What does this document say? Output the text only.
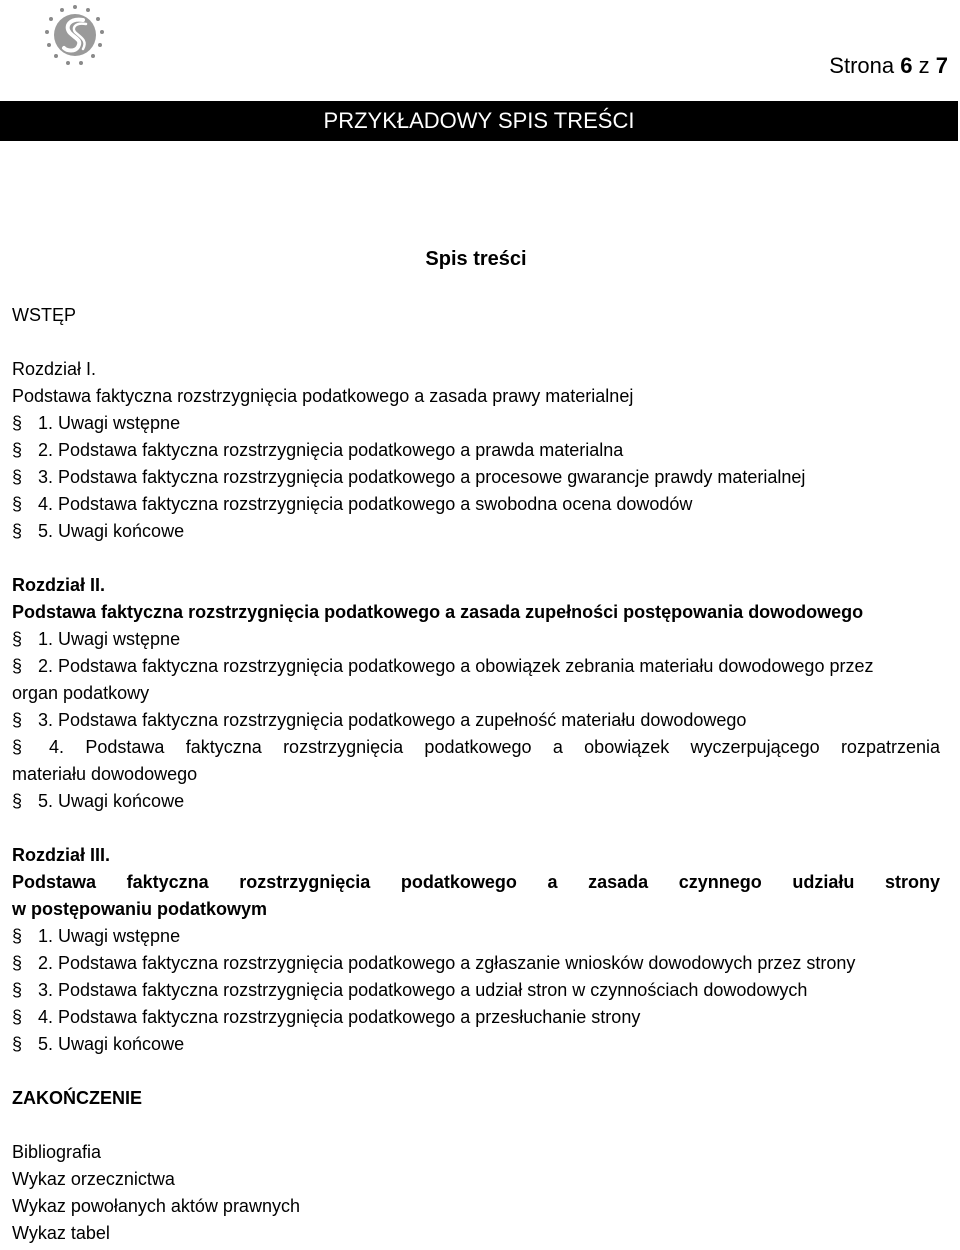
Strona 6 z 7
PRZYKŁADOWY SPIS TREŚCI
Spis treści
WSTĘP
Rozdział I.
Podstawa faktyczna rozstrzygnięcia podatkowego a zasada prawy materialnej
§ 1. Uwagi wstępne
§ 2. Podstawa faktyczna rozstrzygnięcia podatkowego a prawda materialna
§ 3. Podstawa faktyczna rozstrzygnięcia podatkowego a procesowe gwarancje prawdy materialnej
§ 4. Podstawa faktyczna rozstrzygnięcia podatkowego a swobodna ocena dowodów
§ 5. Uwagi końcowe
Rozdział II.
Podstawa faktyczna rozstrzygnięcia podatkowego a zasada zupełności postępowania dowodowego
§ 1. Uwagi wstępne
§ 2. Podstawa faktyczna rozstrzygnięcia podatkowego a obowiązek zebrania materiału dowodowego przez
organ podatkowy
§ 3. Podstawa faktyczna rozstrzygnięcia podatkowego a zupełność materiału dowodowego
§	4. Podstawa faktyczna rozstrzygnięcia podatkowego a obowiązek wyczerpującego rozpatrzenia
materiału dowodowego
§ 5. Uwagi końcowe
Rozdział III.
Podstawa faktyczna rozstrzygnięcia podatkowego a zasada czynnego udziału strony
w postępowaniu podatkowym
§ 1. Uwagi wstępne
§ 2. Podstawa faktyczna rozstrzygnięcia podatkowego a zgłaszanie wniosków dowodowych przez strony
§ 3. Podstawa faktyczna rozstrzygnięcia podatkowego a udział stron w czynnościach dowodowych
§ 4. Podstawa faktyczna rozstrzygnięcia podatkowego a przesłuchanie strony
§ 5. Uwagi końcowe
ZAKOŃCZENIE
Bibliografia
Wykaz orzecznictwa
Wykaz powołanych aktów prawnych
Wykaz tabel
